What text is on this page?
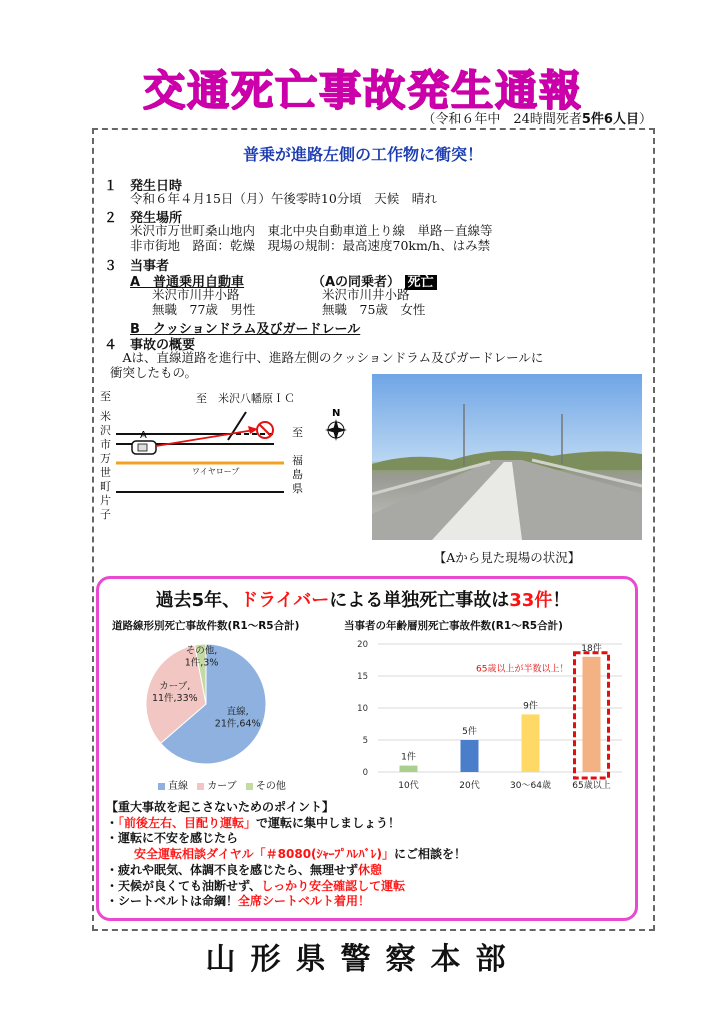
交通死亡事故発生通報
（令和６年中　24時間死者5件6人目）
普乗が進路左側の工作物に衝突！
１ 発生日時
令和６年４月15日（月）午後零時10分頃　天候　晴れ
２ 発生場所
米沢市万世町桑山地内　東北中央自動車道上り線　単路－直線等
非市街地　路面：乾燥　現場の規制：最高速度70km/h、はみ禁
３ 当事者
A　普通乗用自動車
米沢市川井小路
無職　77歳　男性
（Aの同乗者） 死亡
米沢市川井小路
無職　75歳　女性
B　クッションドラム及びガードレール
４ 事故の概要
　Aは、直線道路を進行中、進路左側のクッションドラム及びガードレールに
衝突したもの。
至
米
沢
市
万
世
町
片
子
至　米沢八幡原ＩＣ
至
福
島
県
ワイヤロープ
A
N
【Aから見た現場の状況】
過去5年、ドライバーによる単独死亡事故は33件！
道路線形別死亡事故件数(R1～R5合計)	当事者の年齢層別死亡事故件数(R1～R5合計)
直線, 21件,64%
カーブ, 11件,33%
その他, 1件,3%
直線 カーブ その他
0
5
10
15
20
1件
10代
5件
20代
9件
30～64歳
18件
65歳以上
65歳以上が半数以上！
【重大事故を起こさないためのポイント】
・「前後左右、目配り運転」で運転に集中しましょう！
・運転に不安を感じたら
安全運転相談ダイヤル「＃8080(ｼｬｰﾌﾟﾊﾚﾊﾞﾚ)」にご相談を！
・疲れや眠気、体調不良を感じたら、無理せず休憩
・天候が良くても油断せず、しっかり安全確認して運転
・シートベルトは命綱！全席シートベルト着用！
山形県警察本部
